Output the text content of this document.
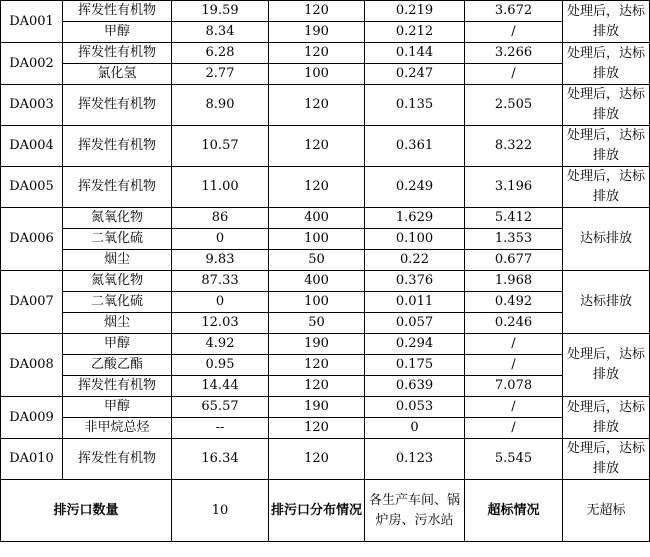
DA001	挥发性有机物	19.59	120	0.219	3.672	处理后，达标排放
	甲醇	8.34	190	0.212	/	
DA002	挥发性有机物	6.28	120	0.144	3.266	处理后，达标排放
	氯化氢	2.77	100	0.247	/	
DA003	挥发性有机物	8.90	120	0.135	2.505	处理后，达标排放
DA004	挥发性有机物	10.57	120	0.361	8.322	处理后，达标排放
DA005	挥发性有机物	11.00	120	0.249	3.196	处理后，达标排放
DA006	氮氧化物	86	400	1.629	5.412	达标排放
	二氧化硫	0	100	0.100	1.353	
	烟尘	9.83	50	0.22	0.677	
DA007	氮氧化物	87.33	400	0.376	1.968	达标排放
	二氧化硫	0	100	0.011	0.492	
	烟尘	12.03	50	0.057	0.246	
DA008	甲醇	4.92	190	0.294	/	处理后，达标排放
	乙酸乙酯	0.95	120	0.175	/	
	挥发性有机物	14.44	120	0.639	7.078	
DA009	甲醇	65.57	190	0.053	/	处理后，达标排放
	非甲烷总烃	--	120	0	/	
DA010	挥发性有机物	16.34	120	0.123	5.545	处理后，达标排放
排污口数量		10	排污口分布情况	各生产车间、锅炉房、污水站	超标情况	无超标
